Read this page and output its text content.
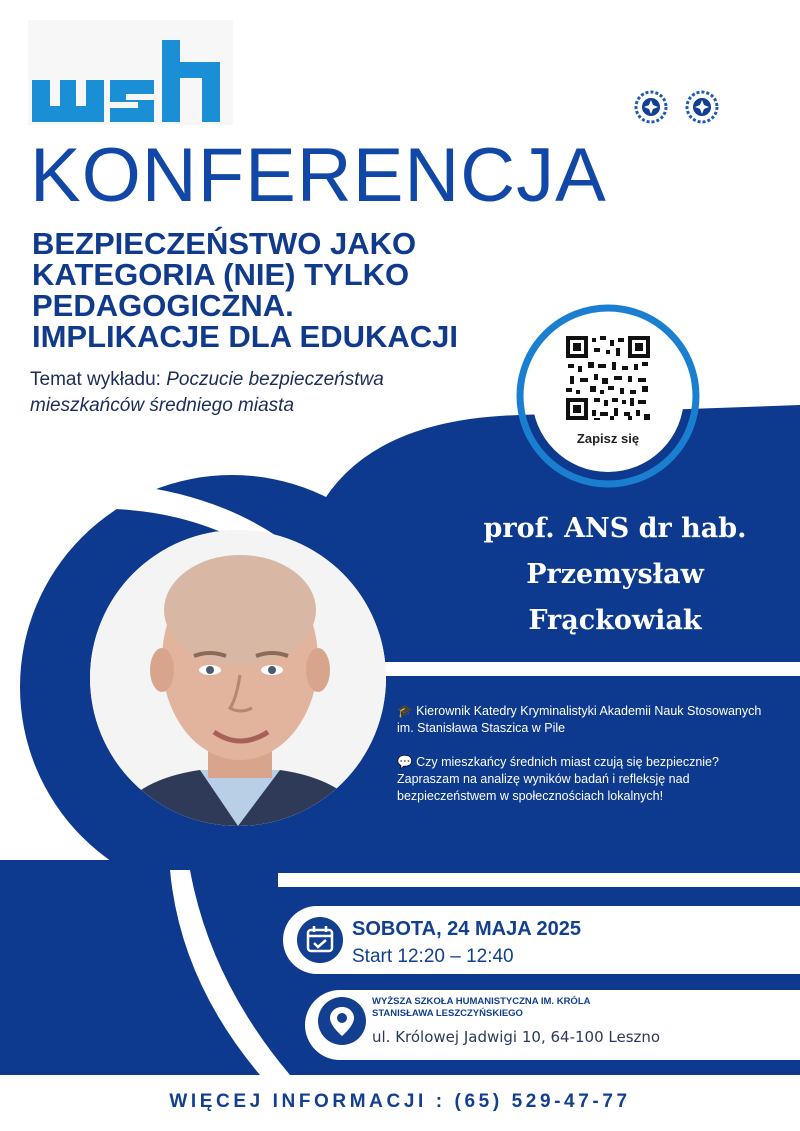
KONFERENCJA
BEZPIECZEŃSTWO JAKO
KATEGORIA (NIE) TYLKO
PEDAGOGICZNA.
IMPLIKACJE DLA EDUKACJI
Temat wykładu: Poczucie bezpieczeństwa mieszkańców średniego miasta
Zapisz się
prof. ANS dr hab.
Przemysław
Frąckowiak

🎓 Kierownik Katedry Kryminalistyki Akademii Nauk Stosowanych im. Stanisława Staszica w Pile

💬 Czy mieszkańcy średnich miast czują się bezpiecznie? Zapraszam na analizę wyników badań i refleksję nad bezpieczeństwem w społecznościach lokalnych!

SOBOTA, 24 MAJA 2025
Start 12:20 – 12:40
WYŻSZA SZKOŁA HUMANISTYCZNA IM. KRÓLA
STANISŁAWA LESZCZYŃSKIEGO
ul. Królowej Jadwigi 10, 64-100 Leszno
WIĘCEJ INFORMACJI : (65) 529-47-77
